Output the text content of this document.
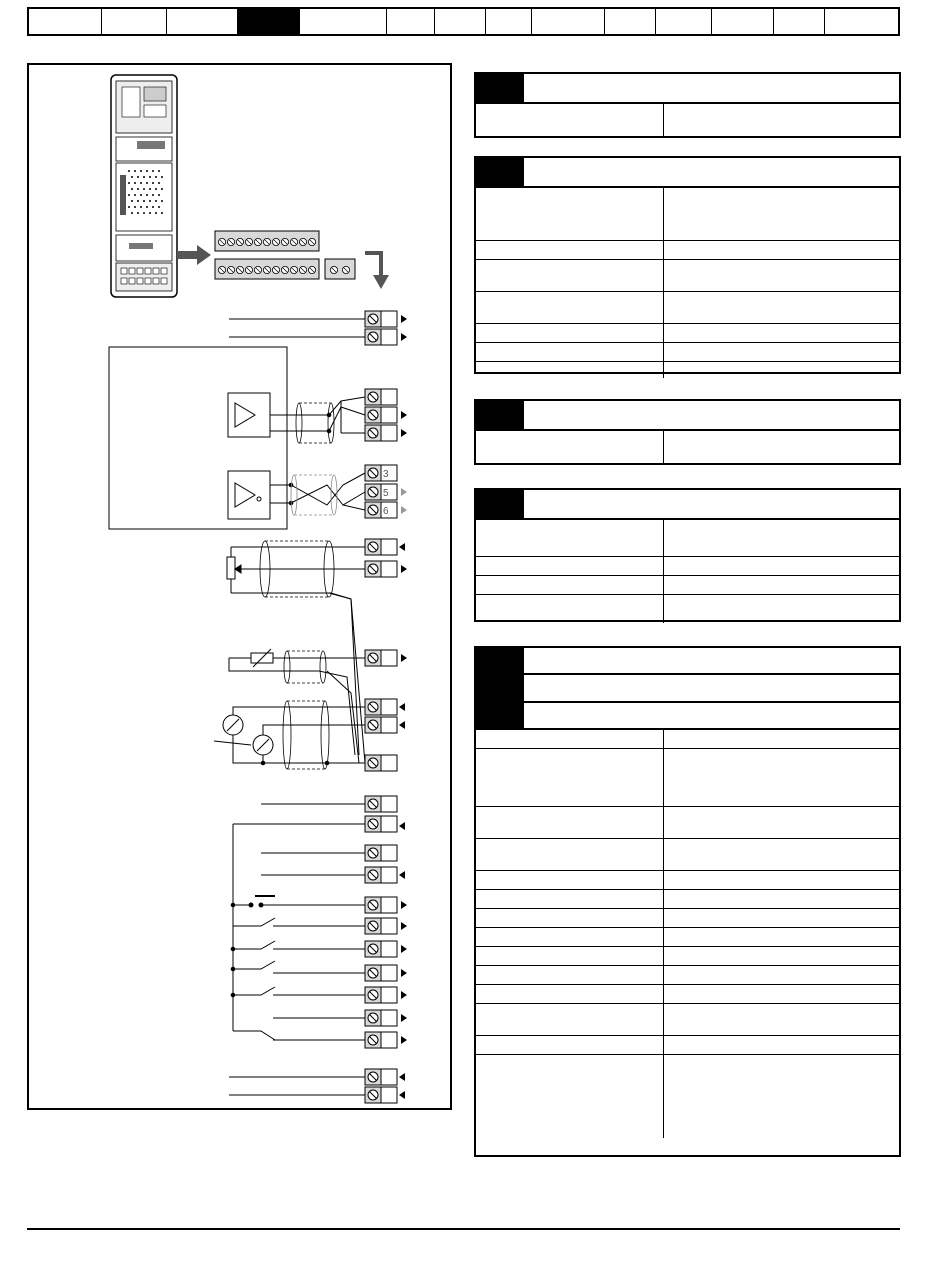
3
5
6
